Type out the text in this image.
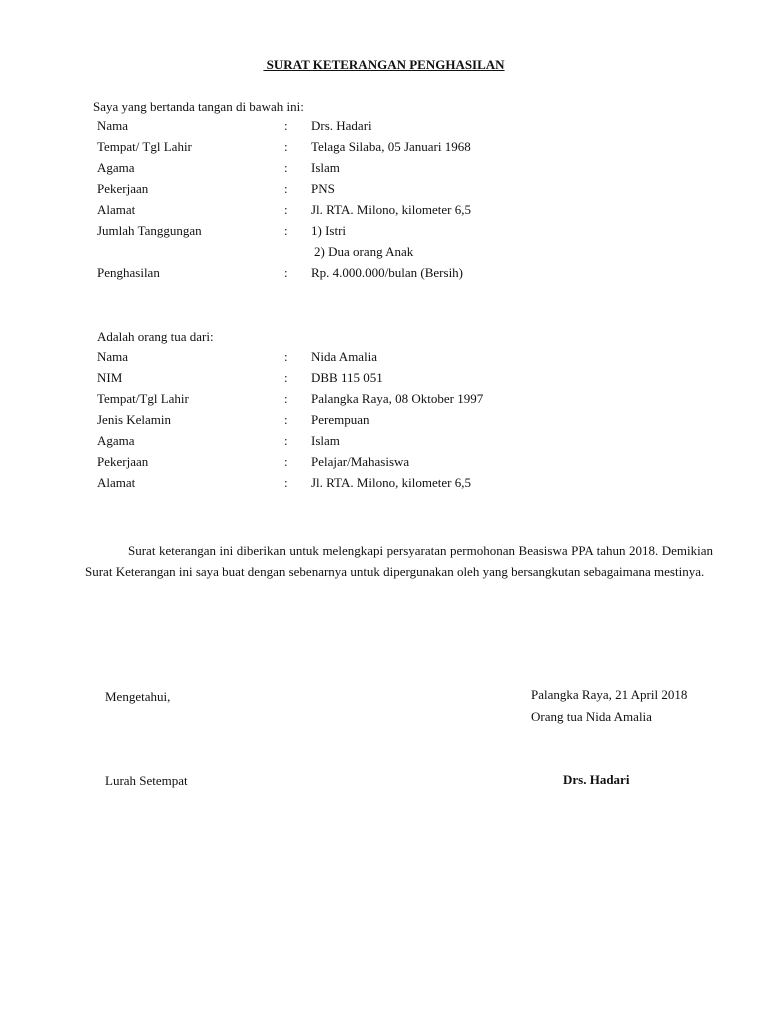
SURAT KETERANGAN PENGHASILAN
Saya yang bertanda tangan di bawah ini:
Nama	: Drs. Hadari
Tempat/ Tgl Lahir	: Telaga Silaba, 05 Januari 1968
Agama	: Islam
Pekerjaan	: PNS
Alamat	: Jl. RTA. Milono, kilometer 6,5
Jumlah Tanggungan	: 1) Istri
2) Dua orang Anak
Penghasilan	: Rp. 4.000.000/bulan (Bersih)
Adalah orang tua dari:
Nama	: Nida Amalia
NIM	: DBB 115 051
Tempat/Tgl Lahir	: Palangka Raya, 08 Oktober 1997
Jenis Kelamin	: Perempuan
Agama	: Islam
Pekerjaan	: Pelajar/Mahasiswa
Alamat	: Jl. RTA. Milono, kilometer 6,5
Surat keterangan ini diberikan untuk melengkapi persyaratan permohonan Beasiswa PPA tahun 2018. Demikian Surat Keterangan ini saya buat dengan sebenarnya untuk dipergunakan oleh yang bersangkutan sebagaimana mestinya.
Mengetahui,
Lurah Setempat
Palangka Raya, 21 April 2018
Orang tua Nida Amalia
Drs. Hadari
